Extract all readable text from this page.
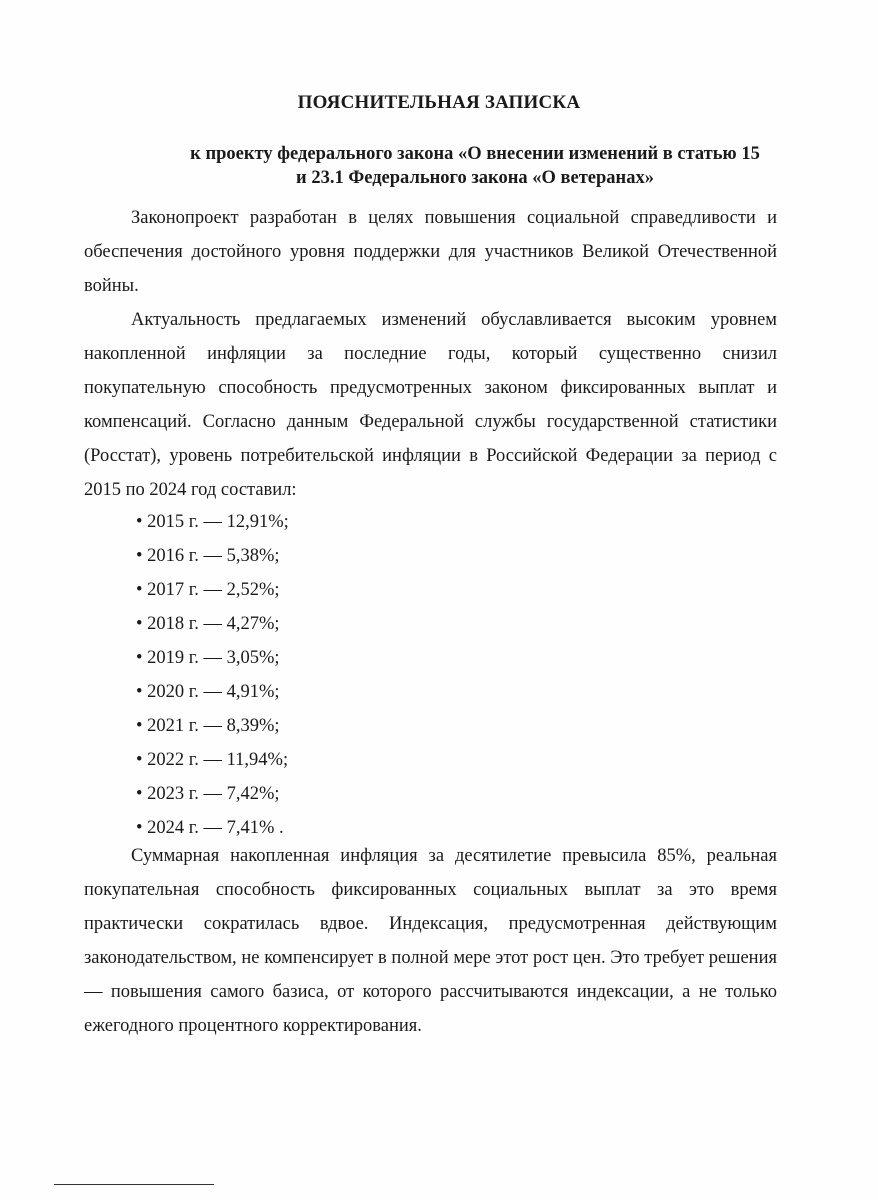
ПОЯСНИТЕЛЬНАЯ ЗАПИСКА
к проекту федерального закона «О внесении изменений в статью 15
и 23.1 Федерального закона «О ветеранах»

Законопроект разработан в целях повышения социальной справедливости и обеспечения достойного уровня поддержки для участников Великой Отечественной войны.

Актуальность предлагаемых изменений обуславливается высоким уровнем накопленной инфляции за последние годы, который существенно снизил покупательную способность предусмотренных законом фиксированных выплат и компенсаций. Согласно данным Федеральной службы государственной статистики (Росстат), уровень потребительской инфляции в Российской Федерации за период с 2015 по 2024 год составил:

• 2015 г. — 12,91%;
• 2016 г. — 5,38%;
• 2017 г. — 2,52%;
• 2018 г. — 4,27%;
• 2019 г. — 3,05%;
• 2020 г. — 4,91%;
• 2021 г. — 8,39%;
• 2022 г. — 11,94%;
• 2023 г. — 7,42%;
• 2024 г. — 7,41% .

Суммарная накопленная инфляция за десятилетие превысила 85%, реальная покупательная способность фиксированных социальных выплат за это время практически сократилась вдвое. Индексация, предусмотренная действующим законодательством, не компенсирует в полной мере этот рост цен. Это требует решения — повышения самого базиса, от которого рассчитываются индексации, а не только ежегодного процентного корректирования.
